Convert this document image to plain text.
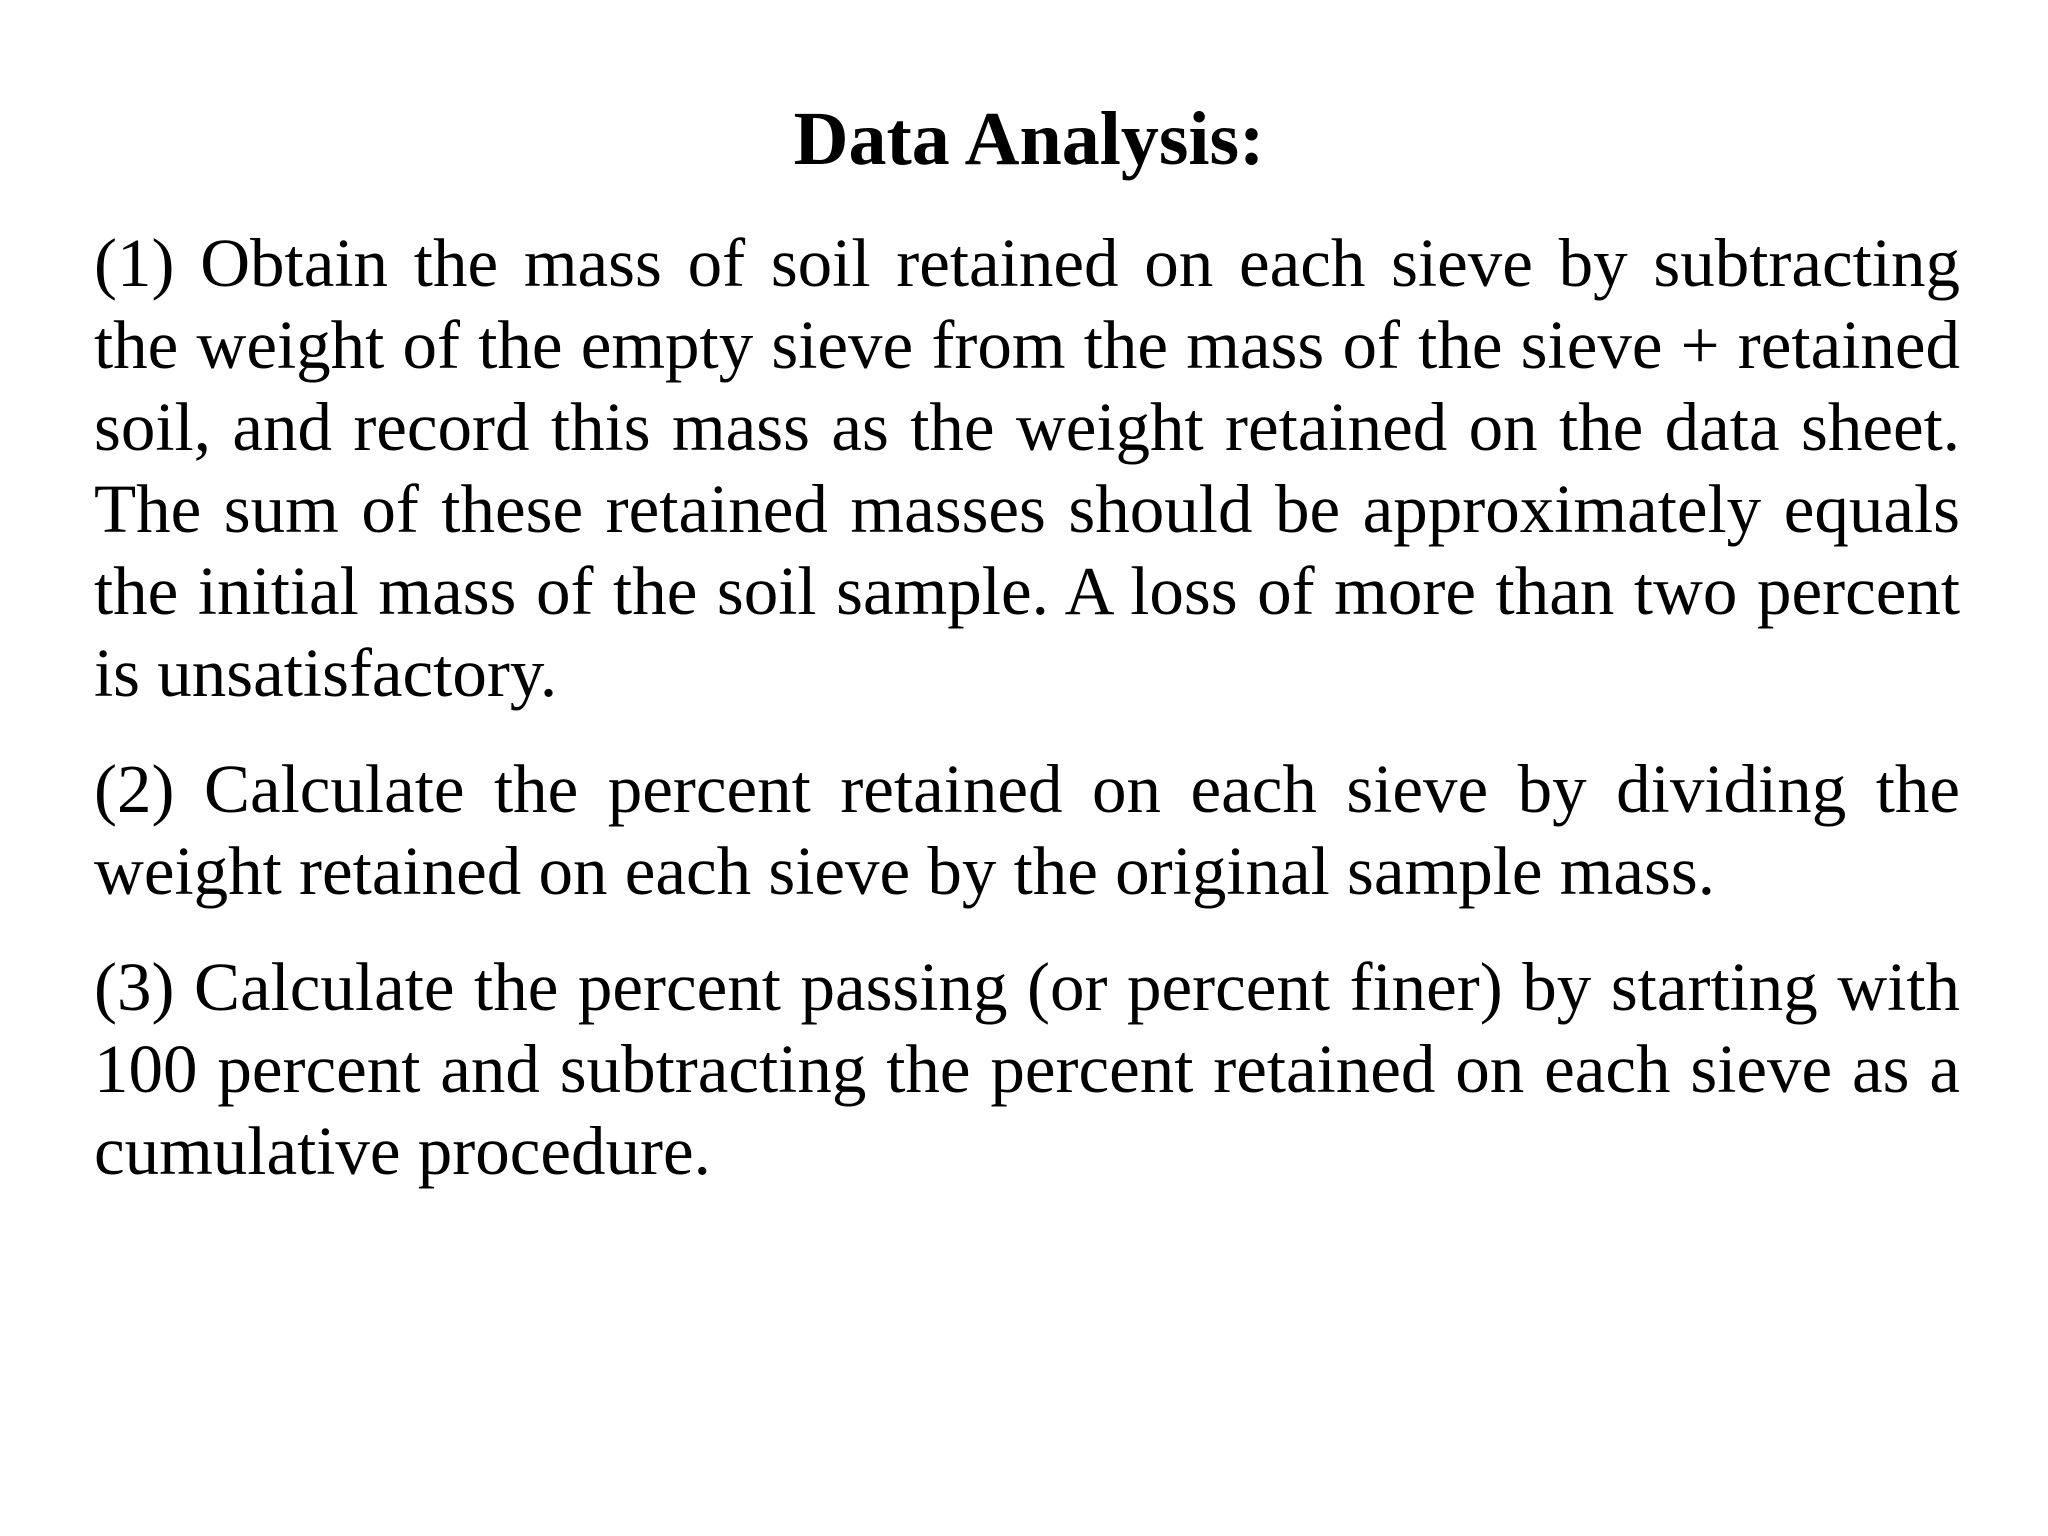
Data Analysis:

(1) Obtain the mass of soil retained on each sieve by subtracting the weight of the empty sieve from the mass of the sieve + retained soil, and record this mass as the weight retained on the data sheet. The sum of these retained masses should be approximately equals the initial mass of the soil sample. A loss of more than two percent is unsatisfactory.

(2) Calculate the percent retained on each sieve by dividing the weight retained on each sieve by the original sample mass.

(3) Calculate the percent passing (or percent finer) by starting with 100 percent and subtracting the percent retained on each sieve as a cumulative procedure.
